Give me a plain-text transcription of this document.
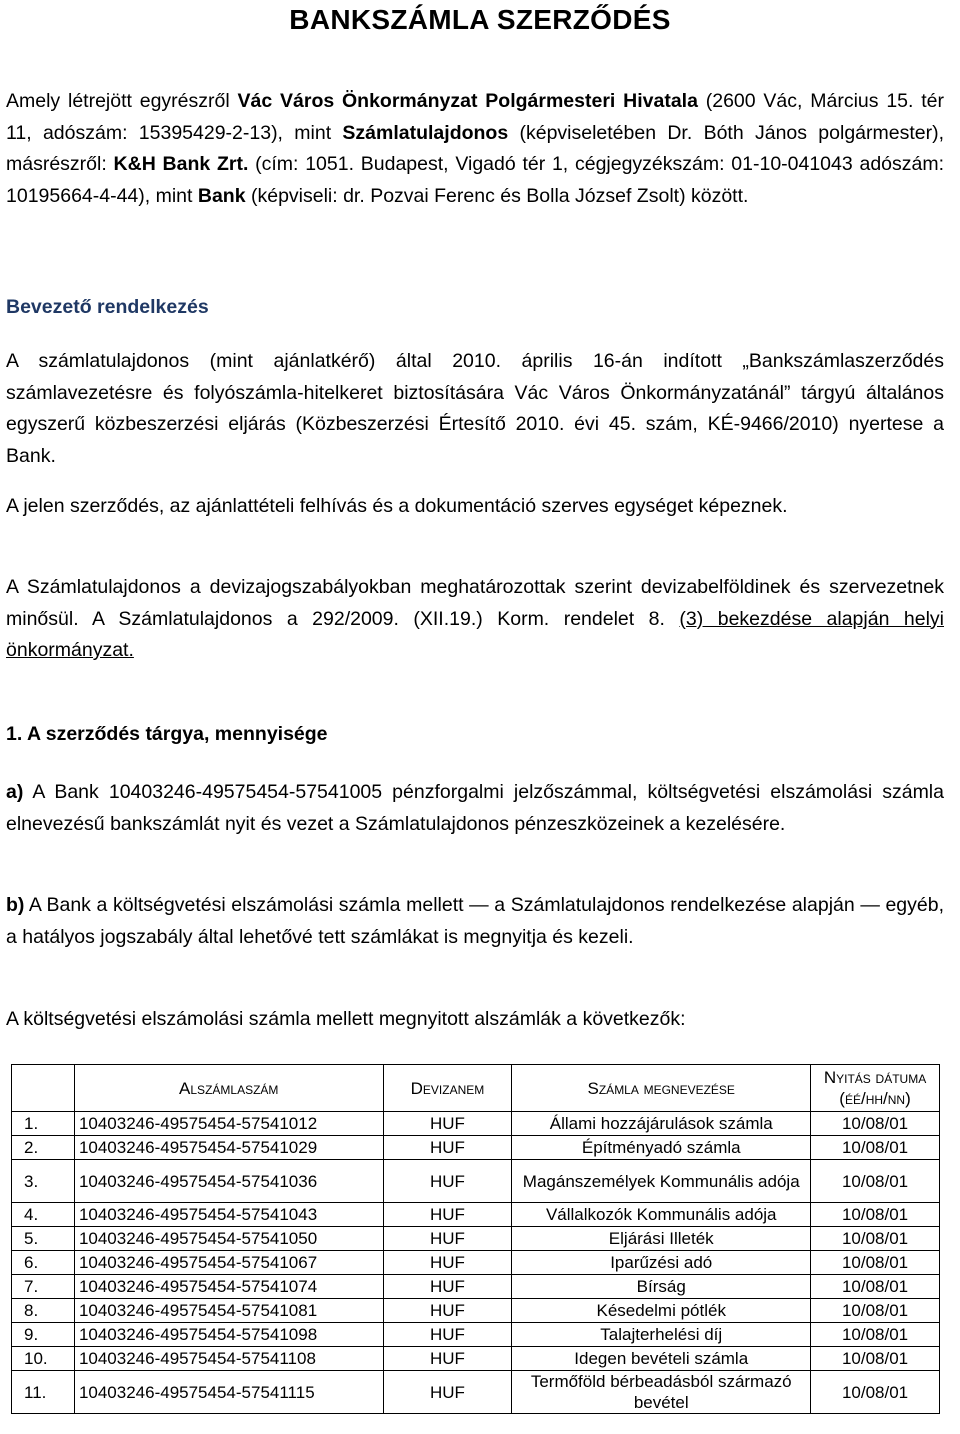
BANKSZÁMLA SZERZŐDÉS

Amely létrejött egyrészről Vác Város Önkormányzat Polgármesteri Hivatala (2600 Vác, Március 15. tér 11, adószám: 15395429-2-13), mint Számlatulajdonos (képviseletében Dr. Bóth János polgármester), másrészről: K&H Bank Zrt. (cím: 1051. Budapest, Vigadó tér 1, cégjegyzékszám: 01-10-041043 adószám: 10195664-4-44), mint Bank (képviseli: dr. Pozvai Ferenc és Bolla József Zsolt) között.

Bevezető rendelkezés

A számlatulajdonos (mint ajánlatkérő) által 2010. április 16-án indított „Bankszámlaszerződés számlavezetésre és folyószámla-hitelkeret biztosítására Vác Város Önkormányzatánál” tárgyú általános egyszerű közbeszerzési eljárás (Közbeszerzési Értesítő 2010. évi 45. szám, KÉ-9466/2010) nyertese a Bank.

A jelen szerződés, az ajánlattételi felhívás és a dokumentáció szerves egységet képeznek.

A Számlatulajdonos a devizajogszabályokban meghatározottak szerint devizabelföldinek és szervezetnek minősül. A Számlatulajdonos a 292/2009. (XII.19.) Korm. rendelet 8. (3) bekezdése alapján helyi önkormányzat.

1. A szerződés tárgya, mennyisége

a) A Bank 10403246-49575454-57541005 pénzforgalmi jelzőszámmal, költségvetési elszámolási számla elnevezésű bankszámlát nyit és vezet a Számlatulajdonos pénzeszközeinek a kezelésére.

b) A Bank a költségvetési elszámolási számla mellett — a Számlatulajdonos rendelkezése alapján — egyéb, a hatályos jogszabály által lehetővé tett számlákat is megnyitja és kezeli.

A költségvetési elszámolási számla mellett megnyitott alszámlák a következők:

	Alszámlaszám	Devizanem	Számla megnevezése	Nyitás dátuma (éé/hh/nn)
1.	10403246-49575454-57541012	HUF	Állami hozzájárulások számla	10/08/01
2.	10403246-49575454-57541029	HUF	Építményadó számla	10/08/01
3.	10403246-49575454-57541036	HUF	Magánszemélyek Kommunális adója	10/08/01
4.	10403246-49575454-57541043	HUF	Vállalkozók Kommunális adója	10/08/01
5.	10403246-49575454-57541050	HUF	Eljárási Illeték	10/08/01
6.	10403246-49575454-57541067	HUF	Iparűzési adó	10/08/01
7.	10403246-49575454-57541074	HUF	Bírság	10/08/01
8.	10403246-49575454-57541081	HUF	Késedelmi pótlék	10/08/01
9.	10403246-49575454-57541098	HUF	Talajterhelési díj	10/08/01
10.	10403246-49575454-57541108	HUF	Idegen bevételi számla	10/08/01
11.	10403246-49575454-57541115	HUF	Termőföld bérbeadásból származó bevétel	10/08/01
